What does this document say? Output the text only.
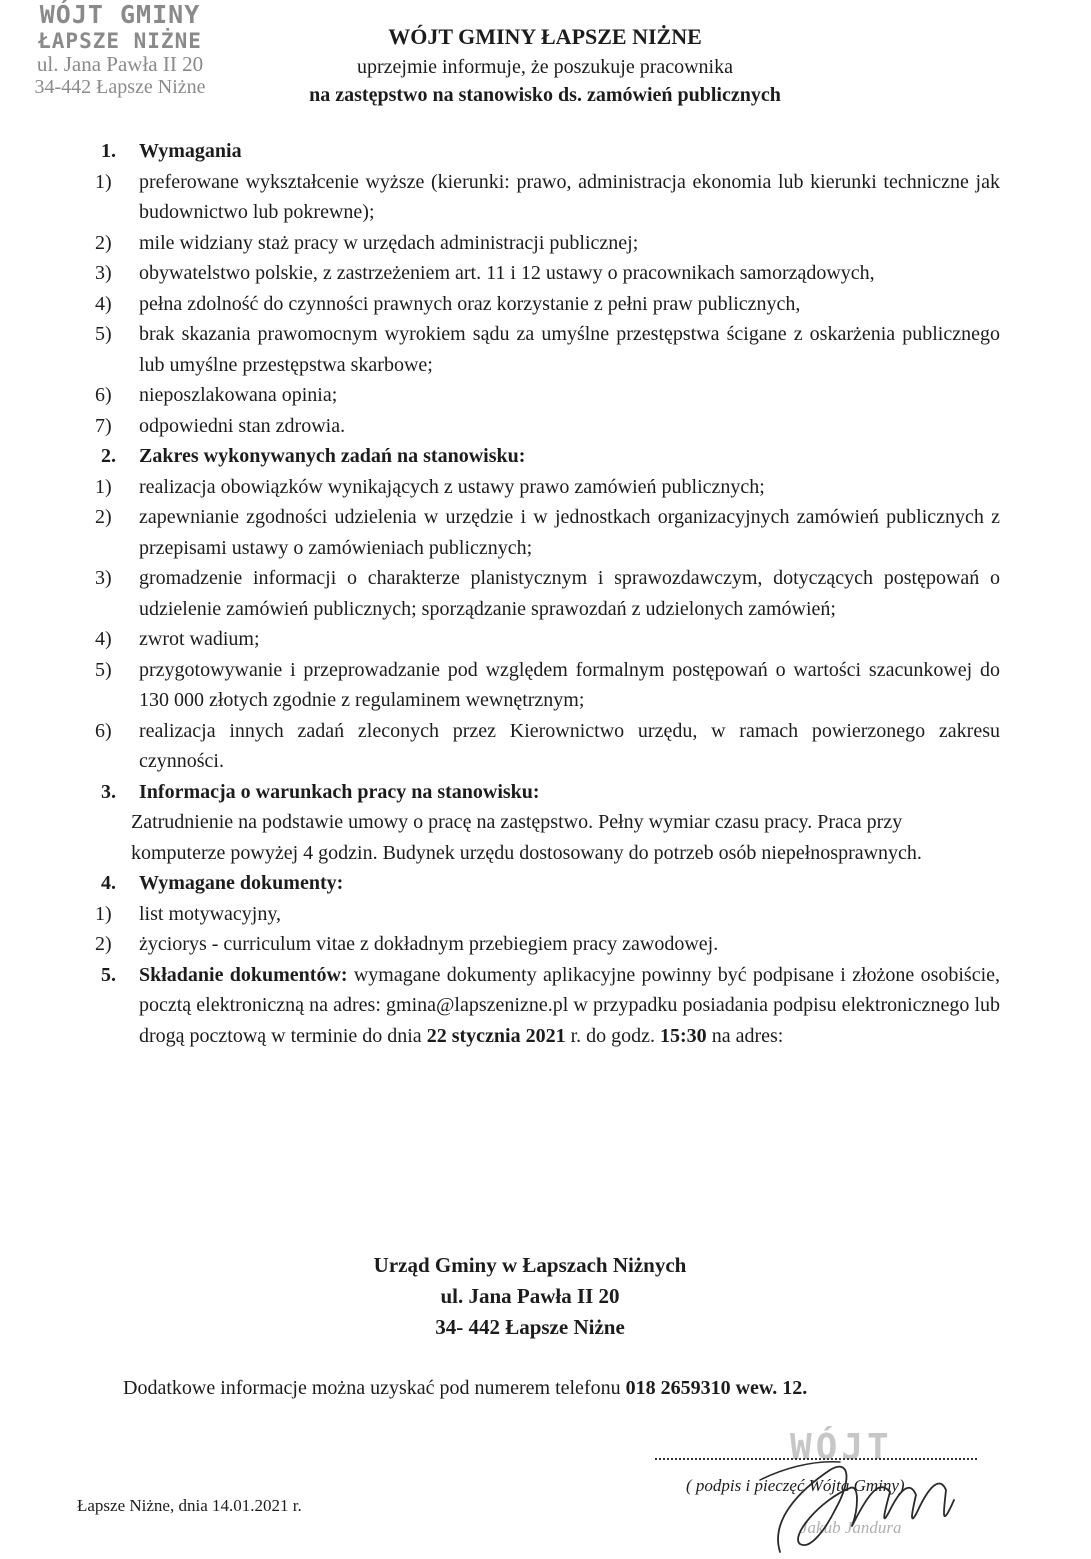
WÓJT GMINY
ŁAPSZE NIŻNE
ul. Jana Pawła II 20
34-442 Łapsze Niżne
WÓJT GMINY ŁAPSZE NIŻNE
uprzejmie informuje, że poszukuje pracownika
na zastępstwo na stanowisko ds. zamówień publicznych
1.	Wymagania
1)	preferowane wykształcenie wyższe (kierunki: prawo, administracja ekonomia lub kierunki techniczne jak budownictwo lub pokrewne);
2)	mile widziany staż pracy w urzędach administracji publicznej;
3)	obywatelstwo polskie, z zastrzeżeniem art. 11 i 12 ustawy o pracownikach samorządowych,
4)	pełna zdolność do czynności prawnych oraz korzystanie z pełni praw publicznych,
5)	brak skazania prawomocnym wyrokiem sądu za umyślne przestępstwa ścigane z oskarżenia publicznego lub umyślne przestępstwa skarbowe;
6)	nieposzlakowana opinia;
7)	odpowiedni stan zdrowia.
2.	Zakres wykonywanych zadań na stanowisku:
1)	realizacja obowiązków wynikających z ustawy prawo zamówień publicznych;
2)	zapewnianie zgodności udzielenia w urzędzie i w jednostkach organizacyjnych zamówień publicznych z przepisami ustawy o zamówieniach publicznych;
3)	gromadzenie informacji o charakterze planistycznym i sprawozdawczym, dotyczących postępowań o udzielenie zamówień publicznych; sporządzanie sprawozdań z udzielonych zamówień;
4)	zwrot wadium;
5)	przygotowywanie i przeprowadzanie pod względem formalnym postępowań o wartości szacunkowej do 130 000 złotych zgodnie z regulaminem wewnętrznym;
6)	realizacja innych zadań zleconych przez Kierownictwo urzędu, w ramach powierzonego zakresu czynności.
3.	Informacja o warunkach pracy na stanowisku:
Zatrudnienie na podstawie umowy o pracę na zastępstwo. Pełny wymiar czasu pracy. Praca przy komputerze powyżej 4 godzin. Budynek urzędu dostosowany do potrzeb osób niepełnosprawnych.
4.	Wymagane dokumenty:
1)	list motywacyjny,
2)	życiorys - curriculum vitae z dokładnym przebiegiem pracy zawodowej.
5.	Składanie dokumentów: wymagane dokumenty aplikacyjne powinny być podpisane i złożone osobiście, pocztą elektroniczną na adres: gmina@lapszenizne.pl w przypadku posiadania podpisu elektronicznego lub drogą pocztową w terminie do dnia 22 stycznia 2021 r. do godz. 15:30 na adres:
Urząd Gminy w Łapszach Niżnych
ul. Jana Pawła II 20
34- 442 Łapsze Niżne
Dodatkowe informacje można uzyskać pod numerem telefonu 018 2659310 wew. 12.
WÓJT
( podpis i pieczęć Wójta Gminy)
Jakub Jandura
Łapsze Niżne, dnia 14.01.2021 r.
